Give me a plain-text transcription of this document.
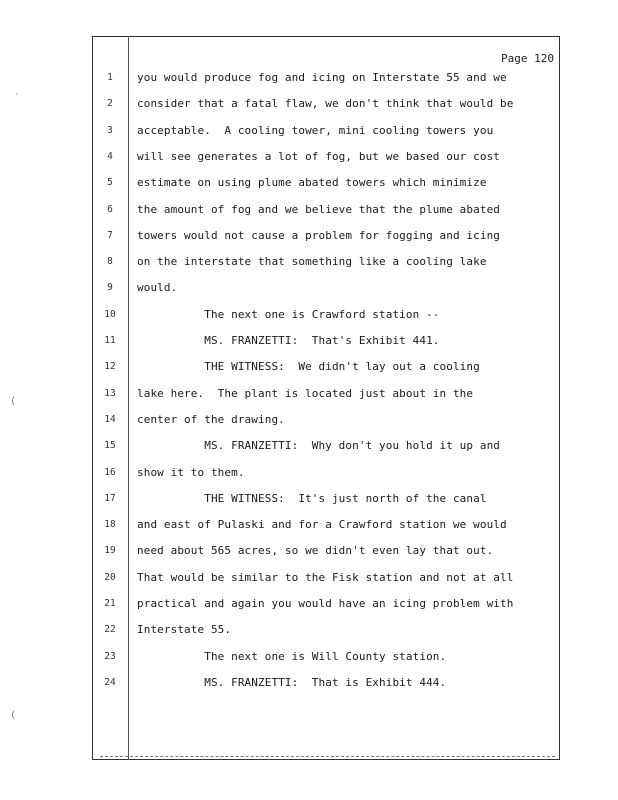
Page 120
1	you would produce fog and icing on Interstate 55 and we
2	consider that a fatal flaw, we don't think that would be
3	acceptable.  A cooling tower, mini cooling towers you
4	will see generates a lot of fog, but we based our cost
5	estimate on using plume abated towers which minimize
6	the amount of fog and we believe that the plume abated
7	towers would not cause a problem for fogging and icing
8	on the interstate that something like a cooling lake
9	would.
10	The next one is Crawford station --
11	MS. FRANZETTI:  That's Exhibit 441.
12	THE WITNESS:  We didn't lay out a cooling
13	lake here.  The plant is located just about in the
14	center of the drawing.
15	MS. FRANZETTI:  Why don't you hold it up and
16	show it to them.
17	THE WITNESS:  It's just north of the canal
18	and east of Pulaski and for a Crawford station we would
19	need about 565 acres, so we didn't even lay that out.
20	That would be similar to the Fisk station and not at all
21	practical and again you would have an icing problem with
22	Interstate 55.
23	The next one is Will County station.
24	MS. FRANZETTI:  That is Exhibit 444.
′
(
(
